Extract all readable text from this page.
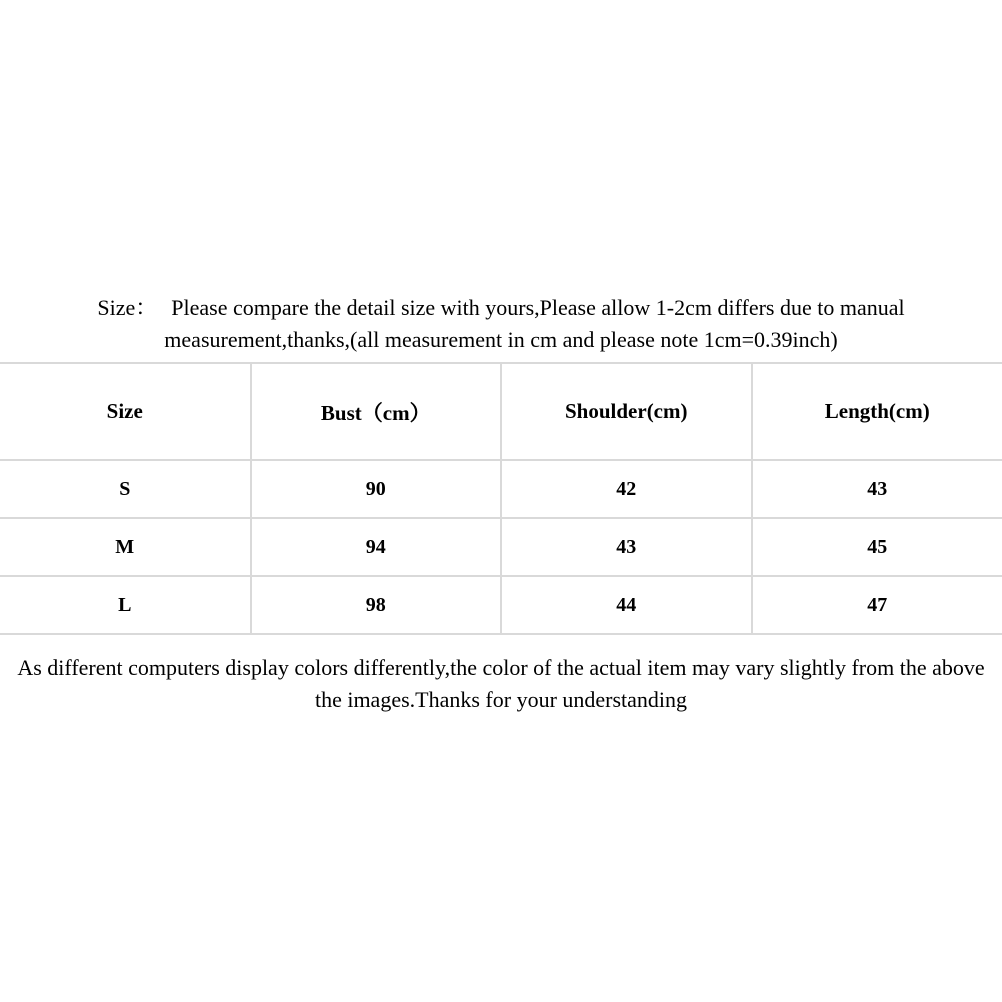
Size： Please compare the detail size with yours,Please allow 1-2cm differs due to manual
measurement,thanks,(all measurement in cm and please note 1cm=0.39inch)
Size	Bust（cm）	Shoulder(cm)	Length(cm)
S	90	42	43
M	94	43	45
L	98	44	47
As different computers display colors differently,the color of the actual item may vary slightly from the above
the images.Thanks for your understanding
